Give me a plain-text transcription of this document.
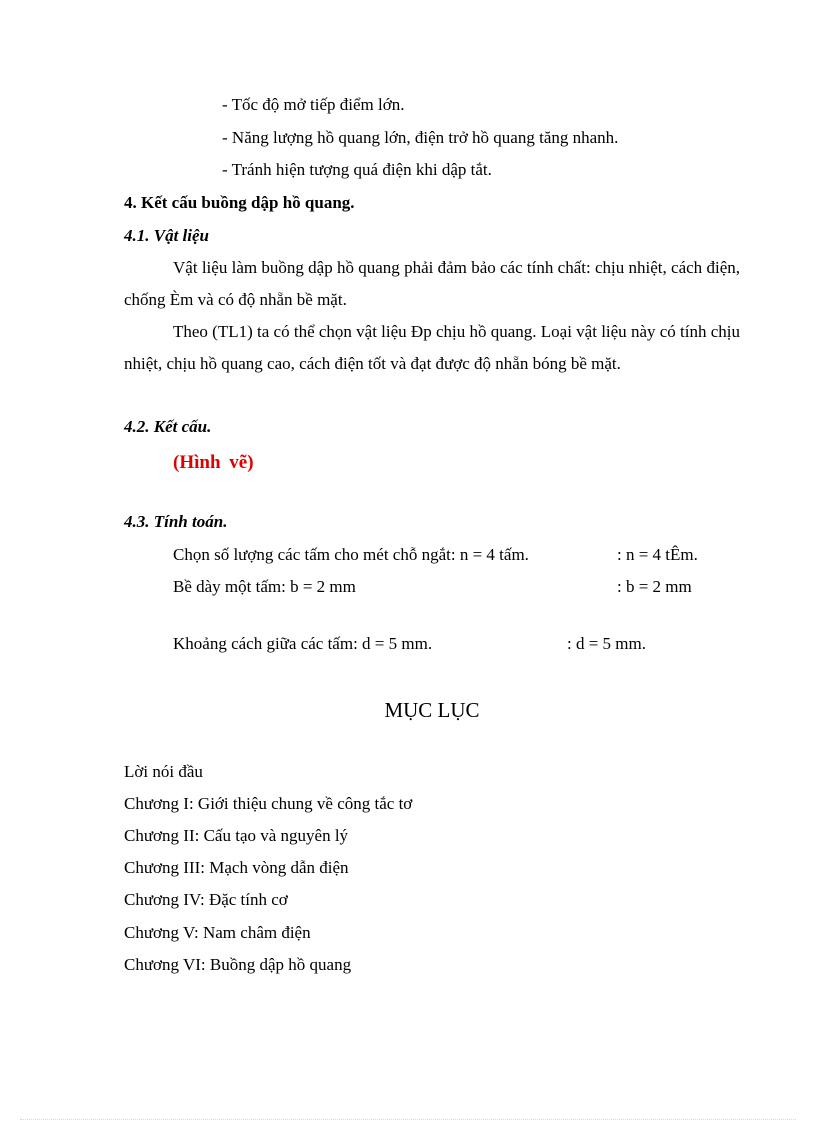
- Tốc độ mở tiếp điểm lớn.
- Năng lượng hồ quang lớn, điện trở hồ quang tăng nhanh.
- Tránh hiện tượng quá điện khi dập tắt.
4. Kết cấu buồng dập hồ quang.
4.1. Vật liệu
Vật liệu làm buồng dập hồ quang phải đảm bảo các tính chất: chịu nhiệt, cách điện, chống Èm và có độ nhẵn bề mặt.
Theo (TL1) ta có thể chọn vật liệu Đp chịu hồ quang. Loại vật liệu này có tính chịu nhiệt, chịu hồ quang cao, cách điện tốt và đạt được độ nhẵn bóng bề mặt.
4.2. Kết cấu.
(Hình vẽ)
4.3. Tính toán.
Chọn số lượng các tấm cho mét chỗ ngắt: n = 4 tấm.	: n = 4 tÊm.
Bề dày một tấm: b = 2 mm	: b = 2 mm
Khoảng cách giữa các tấm: d = 5 mm.	: d = 5 mm.
MỤC LỤC
Lời nói đầu
Chương I: Giới thiệu chung về công tắc tơ
Chương II: Cấu tạo và nguyên lý
Chương III: Mạch vòng dẫn điện
Chương IV: Đặc tính cơ
Chương V: Nam châm điện
Chương VI: Buồng dập hồ quang
